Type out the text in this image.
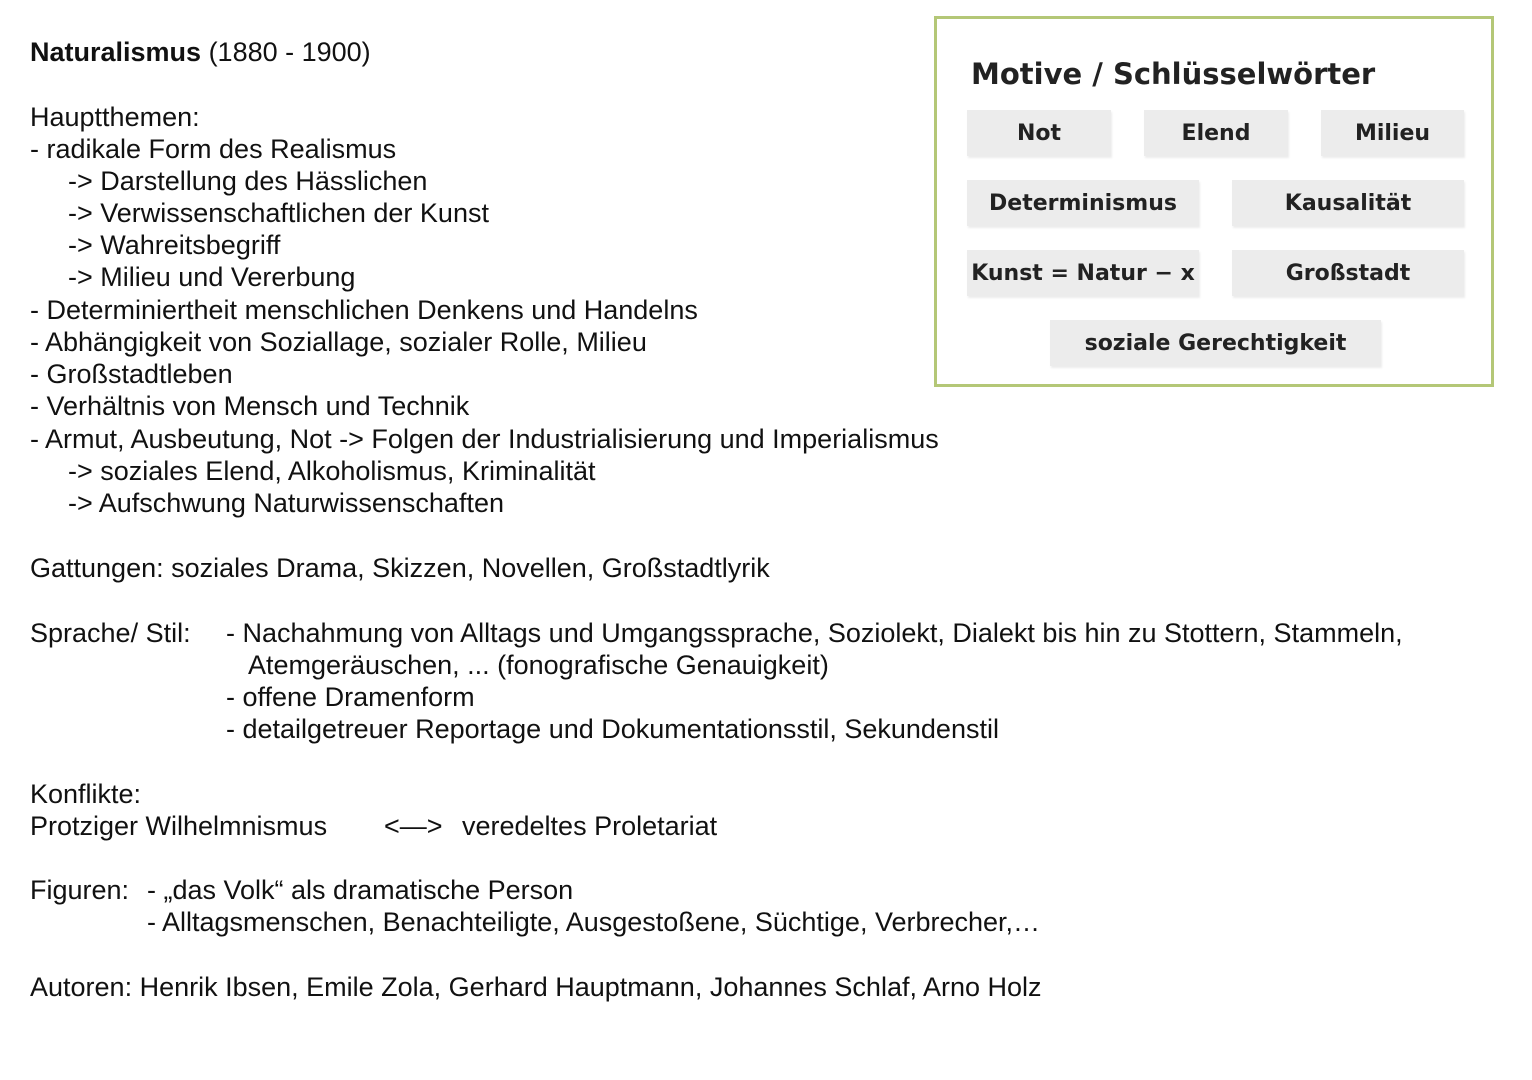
Naturalismus (1880 - 1900)
Hauptthemen:
- radikale Form des Realismus
-> Darstellung des Hässlichen
-> Verwissenschaftlichen der Kunst
-> Wahreitsbegriff
-> Milieu und Vererbung
- Determiniertheit menschlichen Denkens und Handelns
- Abhängigkeit von Soziallage, sozialer Rolle, Milieu
- Großstadtleben
- Verhältnis von Mensch und Technik
- Armut, Ausbeutung, Not -> Folgen der Industrialisierung und Imperialismus
-> soziales Elend, Alkoholismus, Kriminalität
-> Aufschwung Naturwissenschaften
Gattungen: soziales Drama, Skizzen, Novellen, Großstadtlyrik
Sprache/ Stil: - Nachahmung von Alltags und Umgangssprache, Soziolekt, Dialekt bis hin zu Stottern, Stammeln,
Atemgeräuschen, ... (fonografische Genauigkeit)
- offene Dramenform
- detailgetreuer Reportage und Dokumentationsstil, Sekundenstil
Konflikte:
Protziger Wilhelmnismus <—> veredeltes Proletariat
Figuren: - „das Volk“ als dramatische Person
- Alltagsmenschen, Benachteiligte, Ausgestoßene, Süchtige, Verbrecher,…
Autoren: Henrik Ibsen, Emile Zola, Gerhard Hauptmann, Johannes Schlaf, Arno Holz
Motive / Schlüsselwörter
Not	Elend	Milieu
Determinismus	Kausalität
Kunst = Natur − x	Großstadt
soziale Gerechtigkeit
